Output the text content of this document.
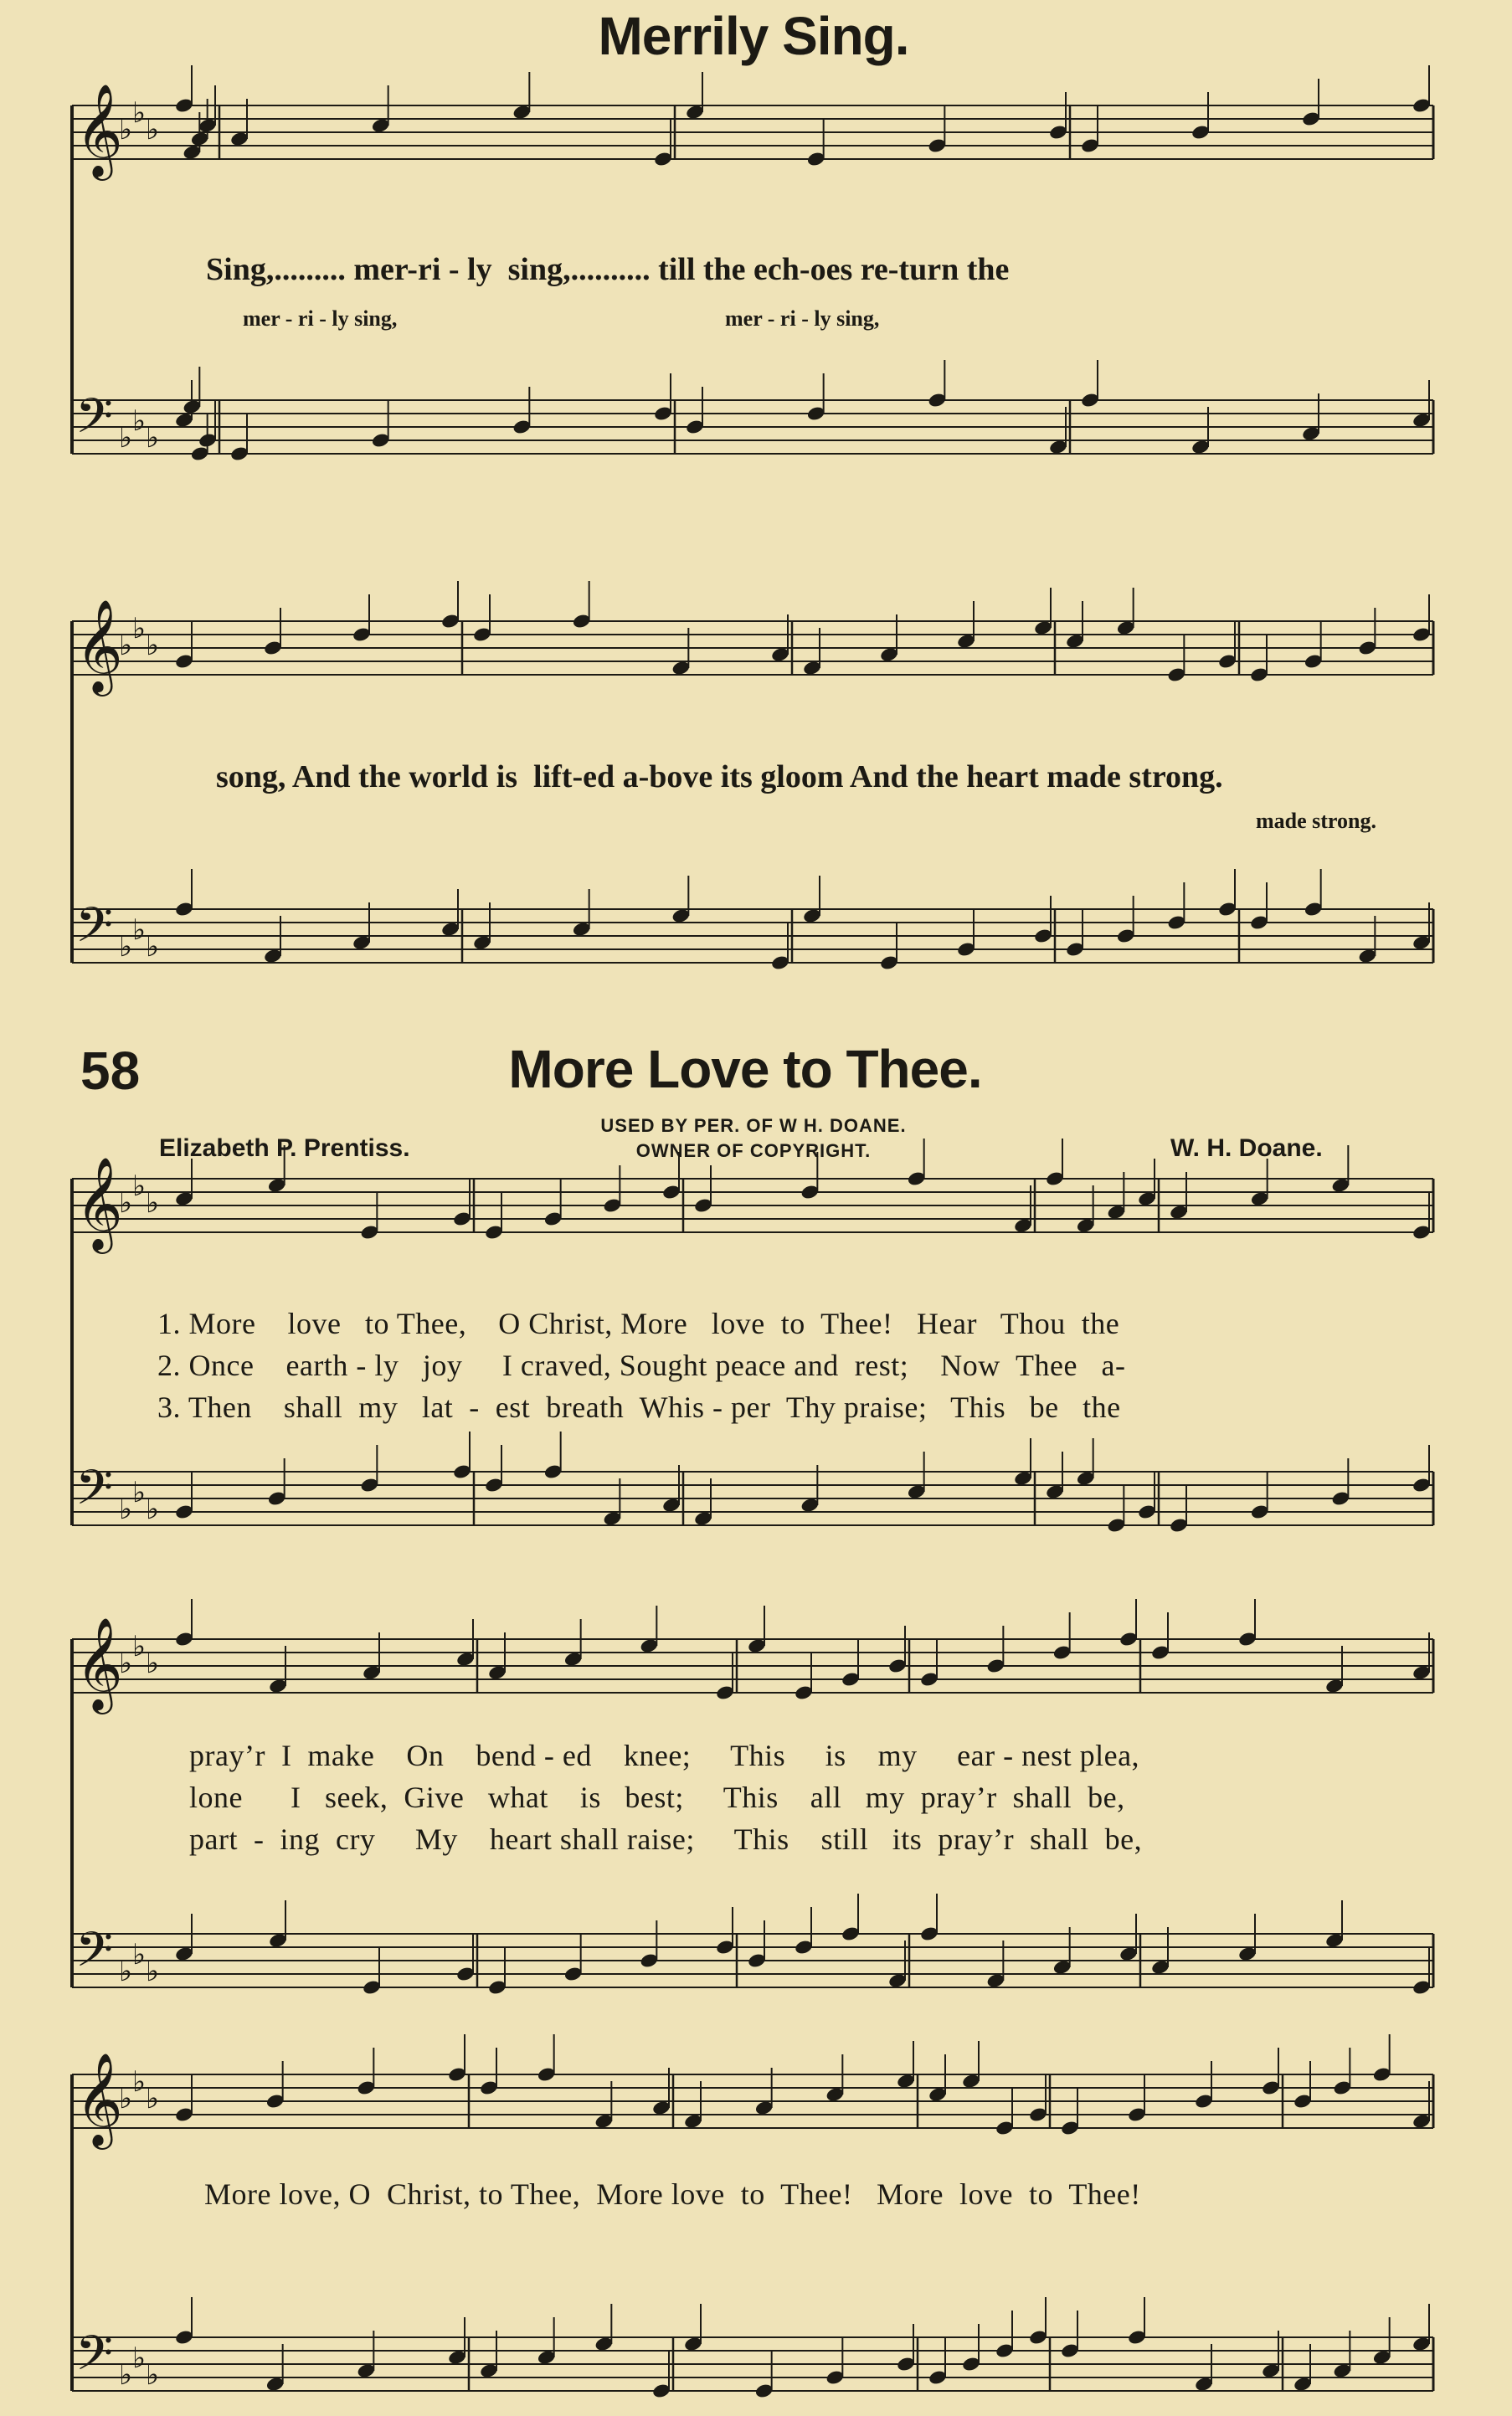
𝄞
♭ ♭ ♭
𝄢 ♭ ♭ ♭
𝄞
♭ ♭ ♭
𝄢 ♭ ♭ ♭
𝄞
♭ ♭ ♭
𝄢 ♭ ♭ ♭
𝄞
♭ ♭ ♭
𝄢 ♭ ♭ ♭
𝄞
♭ ♭ ♭
𝄢 ♭ ♭ ♭
Merrily Sing.
Sing,......... mer-ri - ly  sing,.......... till the ech-oes re-turn the
mer - ri - ly sing,	mer - ri - ly sing,
song, And the world is  lift-ed a-bove its gloom And the heart made strong.
made strong.
58	More Love to Thee.
USED BY PER. OF W H. DOANE.
OWNER OF COPYRIGHT.
Elizabeth P. Prentiss.	W. H. Doane.
1. More    love   to Thee,    O Christ, More   love  to  Thee!   Hear   Thou  the
2. Once    earth - ly   joy     I craved, Sought peace and  rest;    Now  Thee   a-
3. Then    shall  my   lat  -  est  breath  Whis - per  Thy praise;   This   be   the
pray’r  I  make    On    bend - ed    knee;     This     is    my     ear - nest plea,
lone      I   seek,  Give   what    is   best;     This    all   my  pray’r  shall  be,
part  -  ing  cry     My    heart shall raise;     This    still   its  pray’r  shall  be,
More love, O  Christ, to Thee,  More love  to  Thee!   More  love  to  Thee!
